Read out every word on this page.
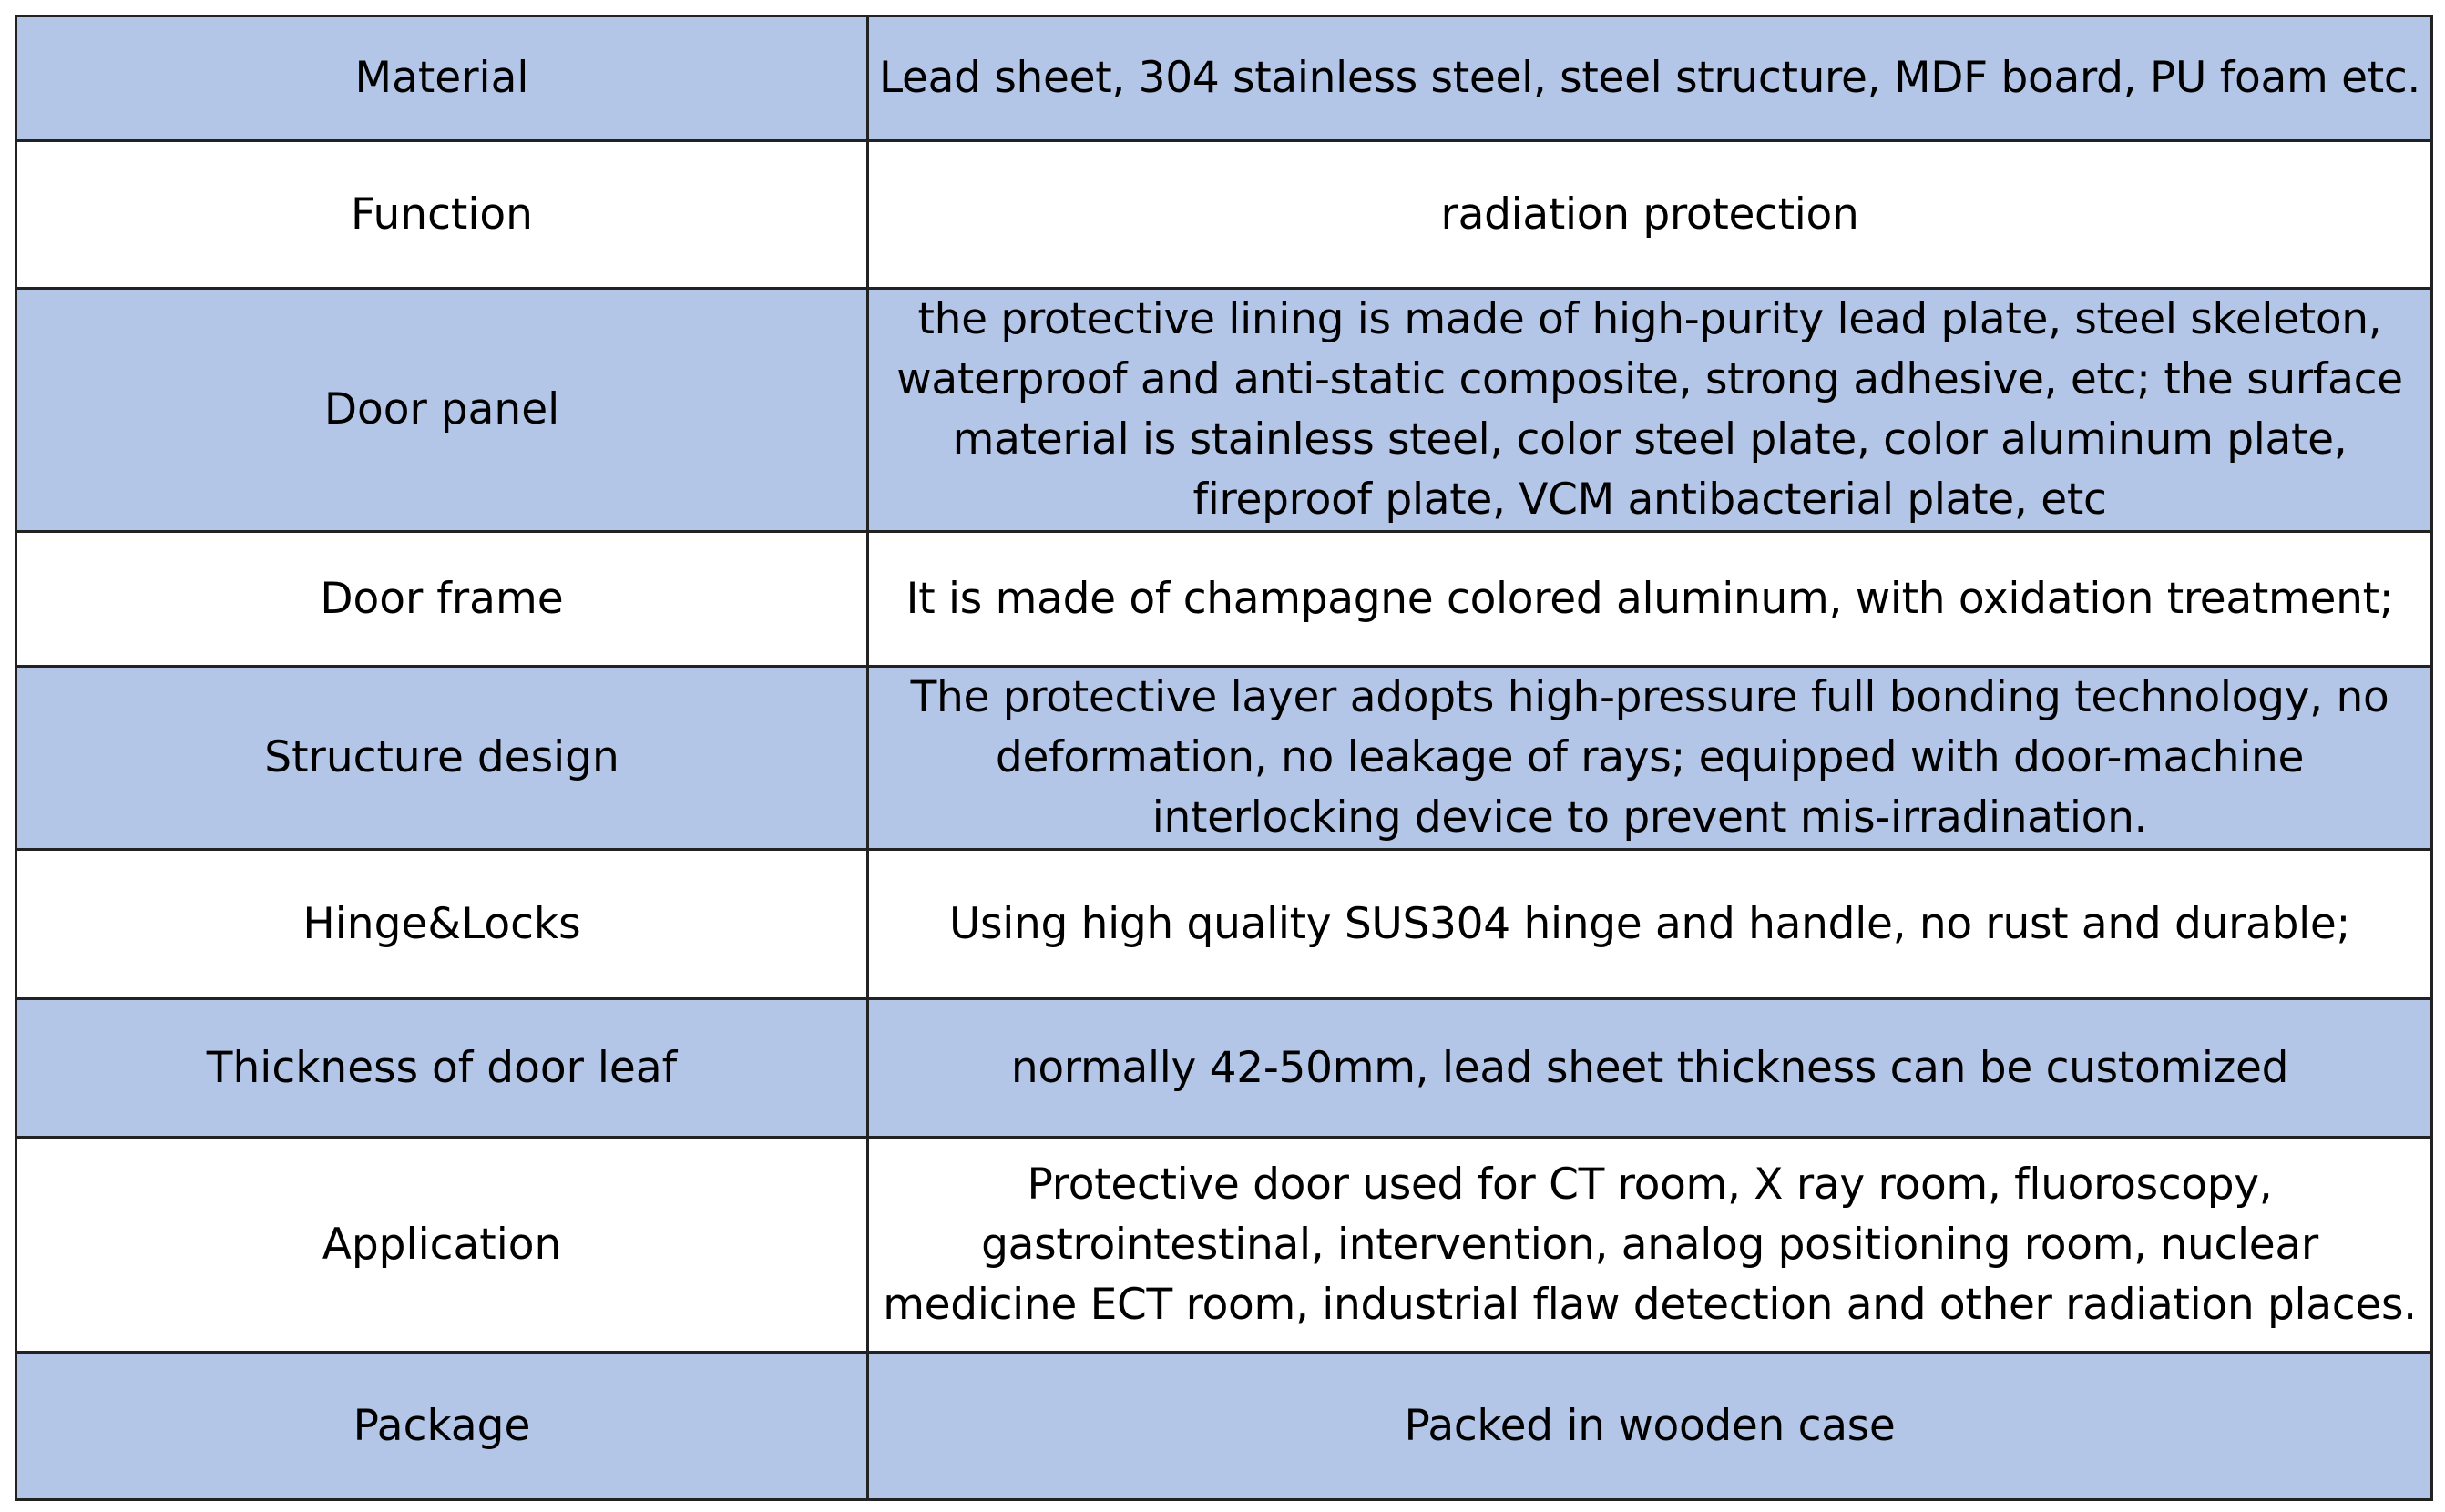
Material	Lead sheet, 304 stainless steel, steel structure, MDF board, PU foam etc.
Function	radiation protection
Door panel	the protective lining is made of high-purity lead plate, steel skeleton, waterproof and anti-static composite, strong adhesive, etc; the surface material is stainless steel, color steel plate, color aluminum plate, fireproof plate, VCM antibacterial plate, etc
Door frame	It is made of champagne colored aluminum, with oxidation treatment;
Structure design	The protective layer adopts high-pressure full bonding technology, no deformation, no leakage of rays; equipped with door-machine interlocking device to prevent mis-irradination.
Hinge&Locks	Using high quality SUS304 hinge and handle, no rust and durable;
Thickness of door leaf	normally 42-50mm, lead sheet thickness can be customized
Application	Protective door used for CT room, X ray room, fluoroscopy, gastrointestinal, intervention, analog positioning room, nuclear medicine ECT room, industrial flaw detection and other radiation places.
Package	Packed in wooden case
